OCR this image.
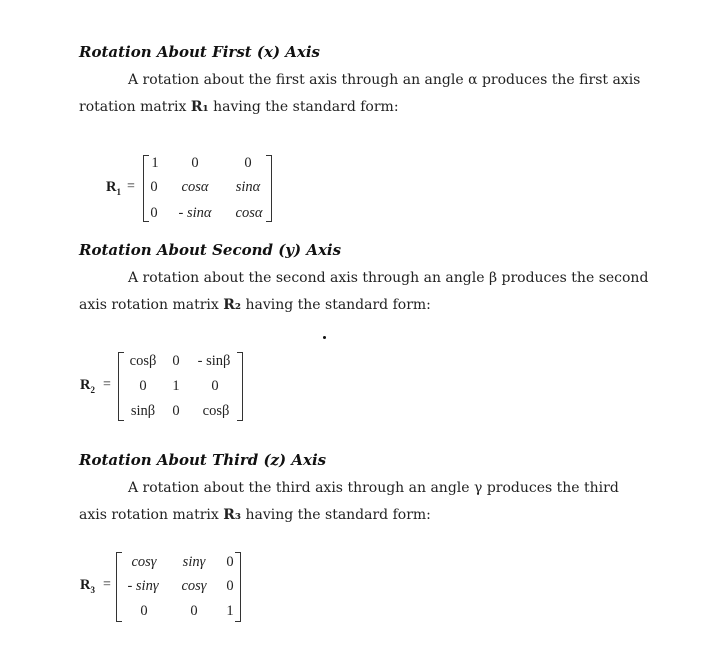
Rotation About First (x) Axis
A rotation about the first axis through an angle α produces the first axis
rotation matrix R₁ having the standard form:
$R_1$ =
1 0	0
0 cosα sinα
0 - sinα cosα
Rotation About Second (y) Axis
A rotation about the second axis through an angle β produces the second
axis rotation matrix R₂ having the standard form:
$R_2$ =
cosβ 0 - sinβ
0 1 0
sinβ 0 cosβ
Rotation About Third (z) Axis
A rotation about the third axis through an angle γ produces the third
axis rotation matrix R₃ having the standard form:
$R_3$ =
cosγ sinγ 0
- sinγ cosγ 0
0	0 1
